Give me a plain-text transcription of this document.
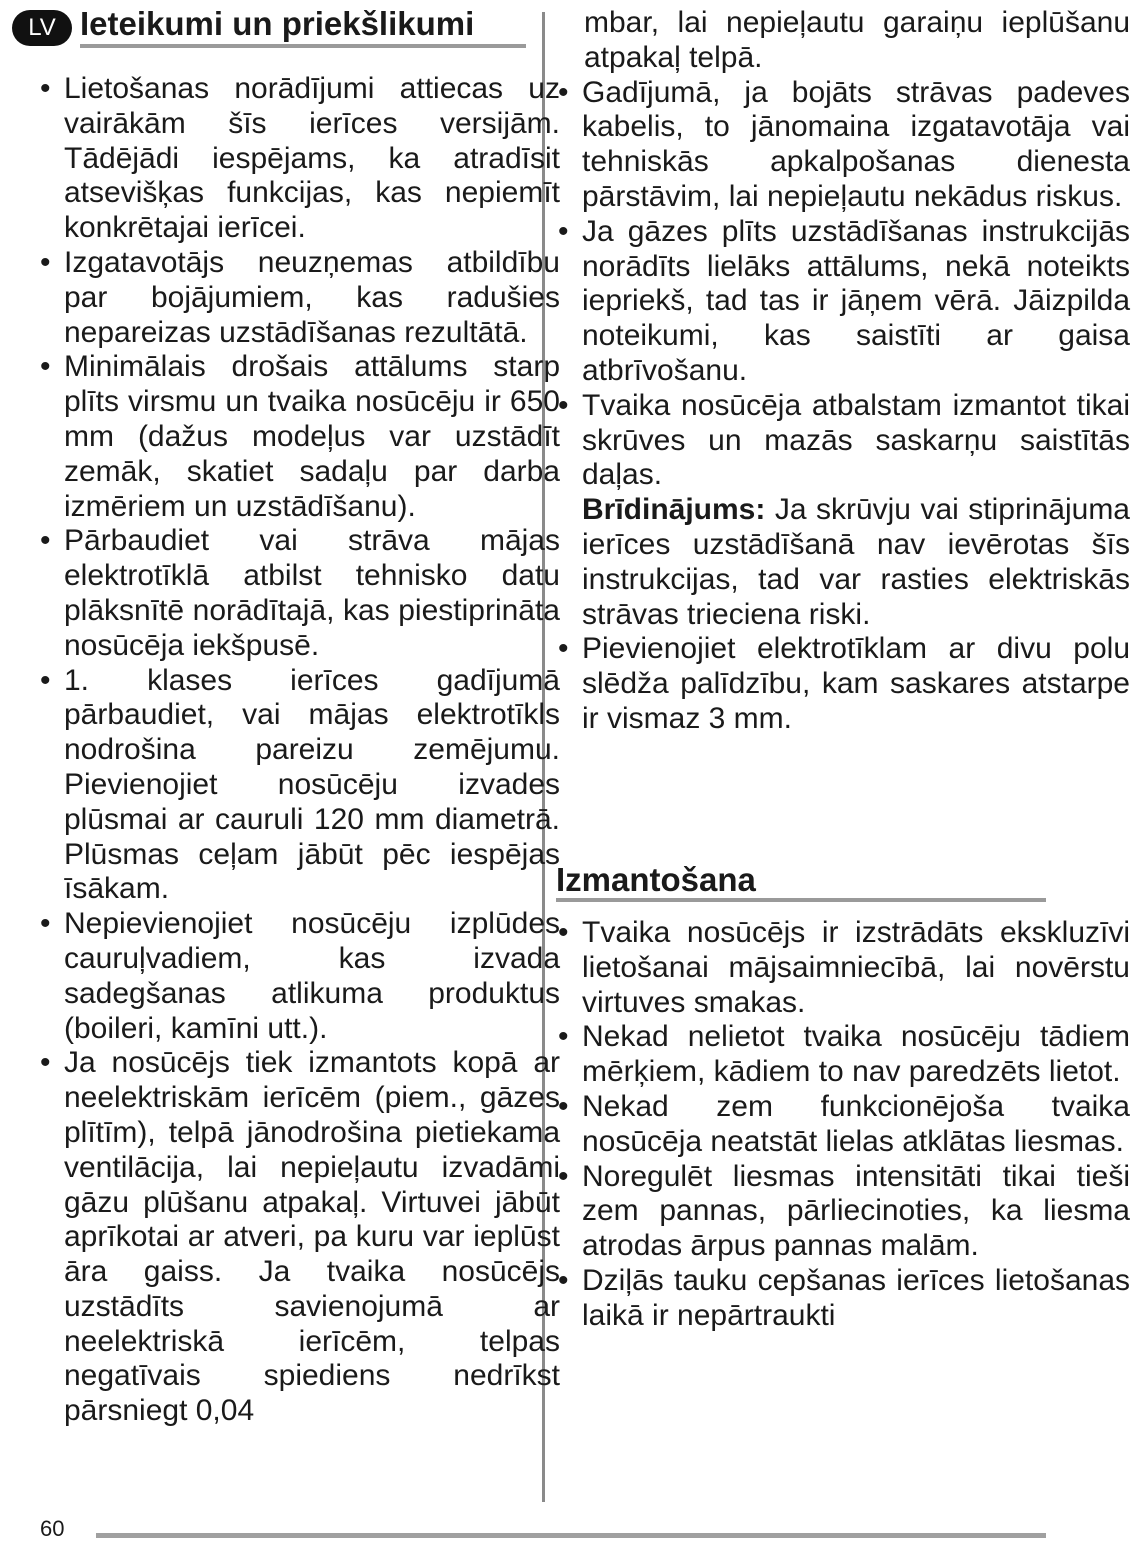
LV Ieteikumi un priekšlikumi
• Lietošanas norādījumi attiecas uz vairākām šīs ierīces versijām. Tādējādi iespējams, ka atradīsit atsevišķas funkcijas, kas nepiemīt konkrētajai ierīcei.
• Izgatavotājs neuzņemas atbildību par bojājumiem, kas radušies nepareizas uzstādīšanas rezultātā.
• Minimālais drošais attālums starp plīts virsmu un tvaika nosūcēju ir 650 mm (dažus modeļus var uzstādīt zemāk, skatiet sadaļu par darba izmēriem un uzstādīšanu).
• Pārbaudiet vai strāva mājas elektrotīklā atbilst tehnisko datu plāksnītē norādītajā, kas piestiprināta nosūcēja iekšpusē.
• 1. klases ierīces gadījumā pārbaudiet, vai mājas elektrotīkls nodrošina pareizu zemējumu. Pievienojiet nosūcēju izvades plūsmai ar cauruli 120 mm diametrā. Plūsmas ceļam jābūt pēc iespējas īsākam.
• Nepievienojiet nosūcēju izplūdes cauruļvadiem, kas izvada sadegšanas atlikuma produktus (boileri, kamīni utt.).
• Ja nosūcējs tiek izmantots kopā ar neelektriskām ierīcēm (piem., gāzes plītīm), telpā jānodrošina pietiekama ventilācija, lai nepieļautu izvadāmi gāzu plūšanu atpakaļ. Virtuvei jābūt aprīkotai ar atveri, pa kuru var ieplūst āra gaiss. Ja tvaika nosūcējs uzstādīts savienojumā ar neelektriskā ierīcēm, telpas negatīvais spiediens nedrīkst pārsniegt 0,04
mbar, lai nepieļautu garaiņu ieplūšanu atpakaļ telpā.
• Gadījumā, ja bojāts strāvas padeves kabelis, to jānomaina izgatavotāja vai tehniskās apkalpošanas dienesta pārstāvim, lai nepieļautu nekādus riskus.
• Ja gāzes plīts uzstādīšanas instrukcijās norādīts lielāks attālums, nekā noteikts iepriekš, tad tas ir jāņem vērā. Jāizpilda noteikumi, kas saistīti ar gaisa atbrīvošanu.
• Tvaika nosūcēja atbalstam izmantot tikai skrūves un mazās saskarņu saistītās daļas.
Brīdinājums: Ja skrūvju vai stiprinājuma ierīces uzstādīšanā nav ievērotas šīs instrukcijas, tad var rasties elektriskās strāvas trieciena riski.
• Pievienojiet elektrotīklam ar divu polu slēdža palīdzību, kam saskares atstarpe ir vismaz 3 mm.
Izmantošana
• Tvaika nosūcējs ir izstrādāts ekskluzīvi lietošanai mājsaimniecībā, lai novērstu virtuves smakas.
• Nekad nelietot tvaika nosūcēju tādiem mērķiem, kādiem to nav paredzēts lietot.
• Nekad zem funkcionējoša tvaika nosūcēja neatstāt lielas atklātas liesmas.
• Noregulēt liesmas intensitāti tikai tieši zem pannas, pārliecinoties, ka liesma atrodas ārpus pannas malām.
• Dziļās tauku cepšanas ierīces lietošanas laikā ir nepārtraukti
60
